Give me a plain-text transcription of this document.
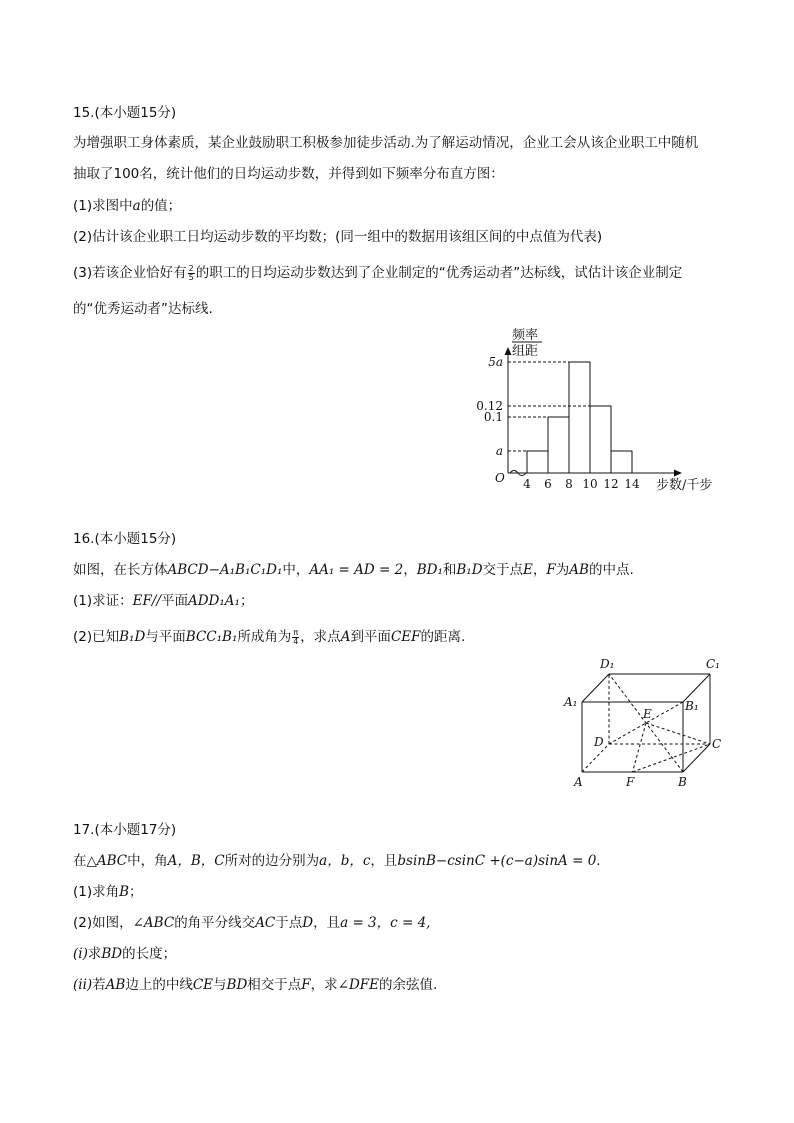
15.(本小题15分)
为增强职工身体素质，某企业鼓励职工积极参加徒步活动.为了解运动情况，企业工会从该企业职工中随机
抽取了100名，统计他们的日均运动步数，并得到如下频率分布直方图：
(1)求图中a的值；
(2)估计该企业职工日均运动步数的平均数；(同一组中的数据用该组区间的中点值为代表)
(3)若该企业恰好有 $\frac{2}{5}$ 的职工的日均运动步数达到了企业制定的“优秀运动者”达标线，试估计该企业制定
的“优秀运动者”达标线.
a
0.1
0.12
5a
4 6 8 10 12 14
O	步数/千步
频率
组距
16.(本小题15分)
如图，在长方体ABCD−A₁B₁C₁D₁中，AA₁ = AD = 2，BD₁和B₁D交于点E，F为AB的中点.
(1)求证：EF//平面ADD₁A₁；
(2)已知B₁D与平面BCC₁B₁所成角为 $\frac{\pi}{4}$ ，求点A到平面CEF的距离.
A	F	B
C
D
E
A₁	B₁
D₁	C₁
17.(本小题17分)
在△ABC中，角A，B，C所对的边分别为a，b，c，且bsinB−csinC +(c−a)sinA = 0.
(1)求角B；
(2)如图，∠ABC的角平分线交AC于点D，且a = 3，c = 4,
(i)求BD的长度；
(ii)若AB边上的中线CE与BD相交于点F，求∠DFE的余弦值.
